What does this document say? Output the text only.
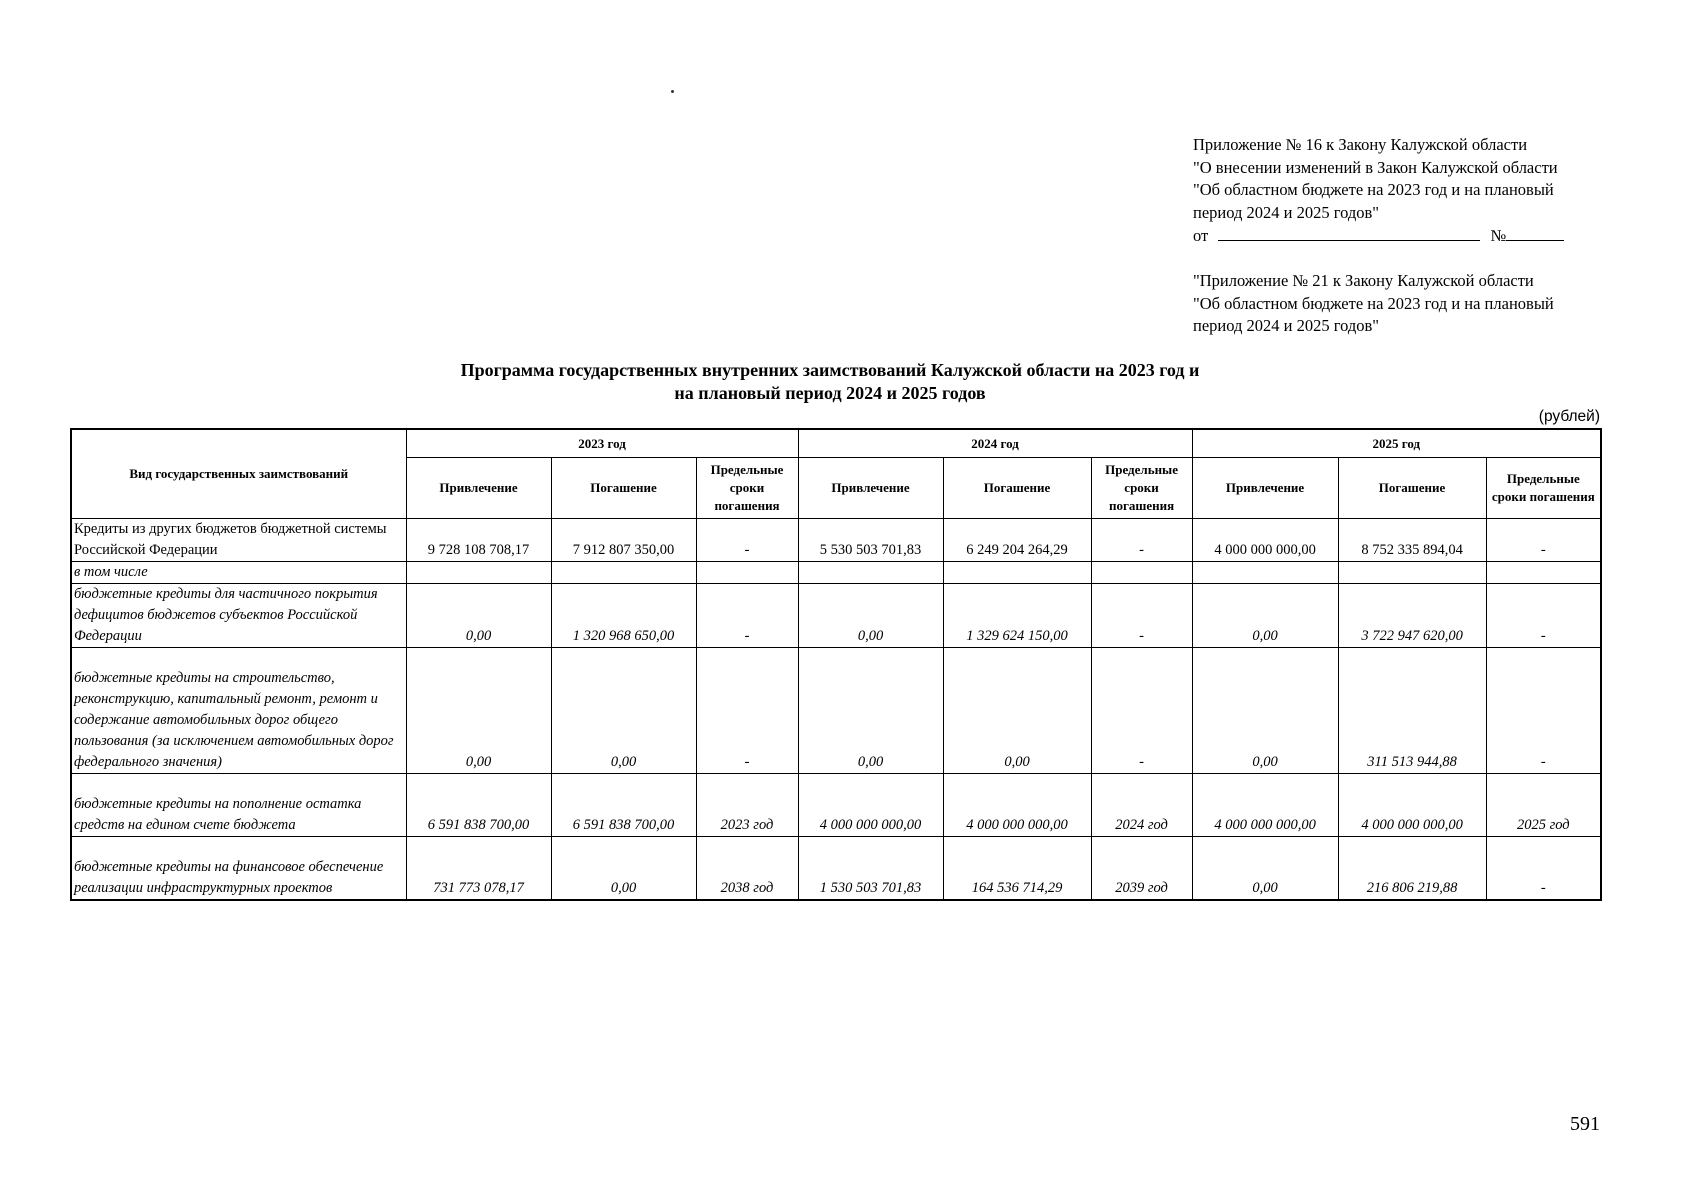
Приложение № 16 к Закону Калужской области
"О внесении изменений в Закон Калужской области
"Об областном бюджете на 2023 год и на плановый
период 2024 и 2025 годов"
от	№
"Приложение № 21 к Закону Калужской области
"Об областном бюджете на 2023 год и на плановый
период 2024 и 2025 годов"
Программа государственных внутренних заимствований Калужской области на 2023 год и
на плановый период 2024 и 2025 годов
(рублей)
Вид государственных заимствований	2023 год			2024 год			2025 год		
	Привлечение	Погашение	Предельные сроки погашения	Привлечение	Погашение	Предельные сроки погашения	Привлечение	Погашение	Предельные сроки погашения
Кредиты из других бюджетов бюджетной системы Российской Федерации	9 728 108 708,17	7 912 807 350,00	-	5 530 503 701,83	6 249 204 264,29	-	4 000 000 000,00	8 752 335 894,04	-
в том числе									
бюджетные кредиты для частичного покрытия дефицитов бюджетов субъектов Российской Федерации	0,00	1 320 968 650,00	-	0,00	1 329 624 150,00	-	0,00	3 722 947 620,00	-
бюджетные кредиты на строительство, реконструкцию, капитальный ремонт, ремонт и содержание автомобильных дорог общего пользования (за исключением автомобильных дорог федерального значения)	0,00	0,00	-	0,00	0,00	-	0,00	311 513 944,88	-
бюджетные кредиты на пополнение остатка средств на едином счете бюджета	6 591 838 700,00	6 591 838 700,00	2023 год	4 000 000 000,00	4 000 000 000,00	2024 год	4 000 000 000,00	4 000 000 000,00	2025 год
бюджетные кредиты на финансовое обеспечение реализации инфраструктурных проектов	731 773 078,17	0,00	2038 год	1 530 503 701,83	164 536 714,29	2039 год	0,00	216 806 219,88	-
591
